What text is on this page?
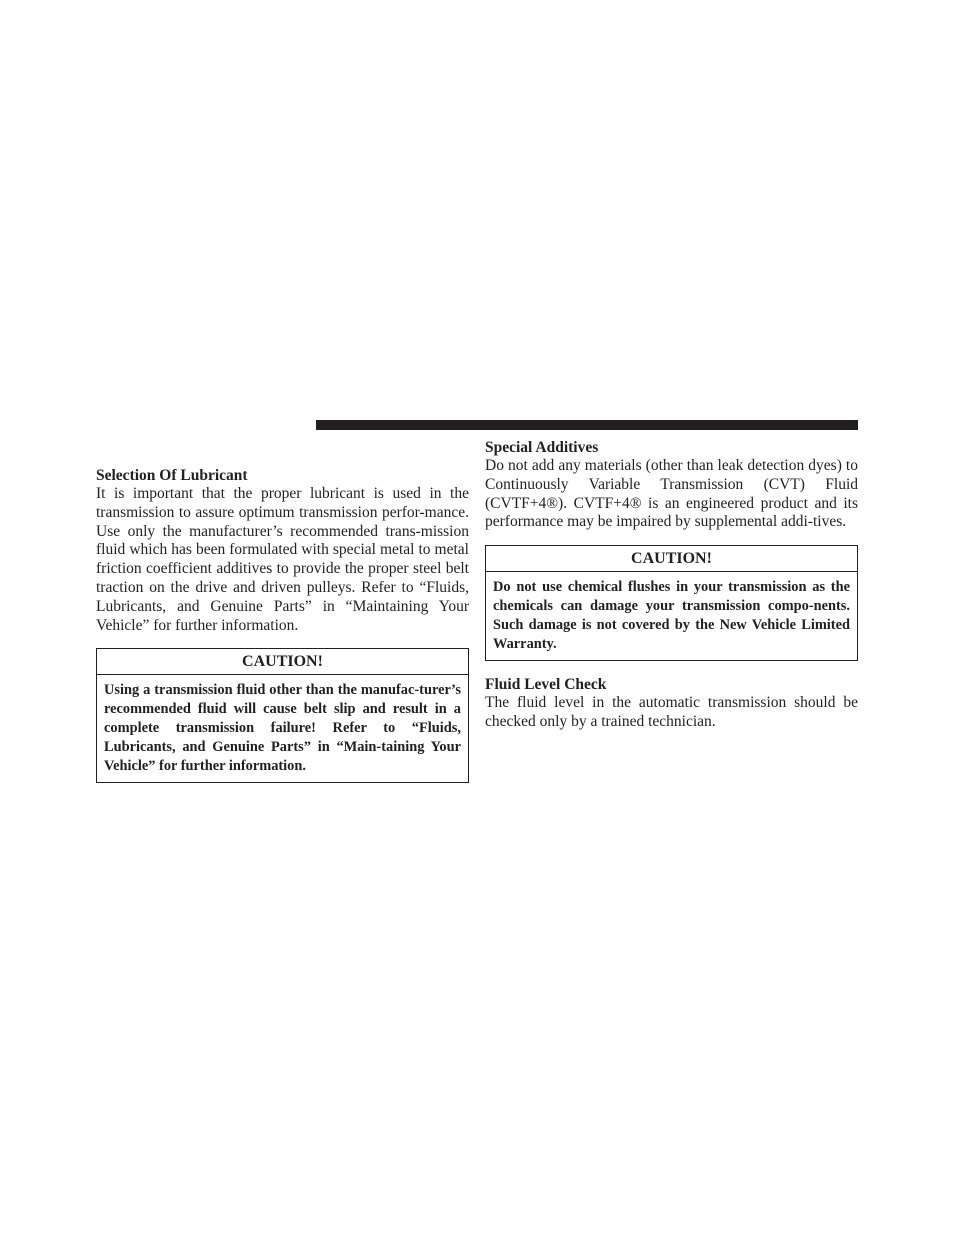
Selection Of Lubricant

It is important that the proper lubricant is used in the transmission to assure optimum transmission perfor-mance. Use only the manufacturer’s recommended trans-mission fluid which has been formulated with special metal to metal friction coefficient additives to provide the proper steel belt traction on the drive and driven pulleys. Refer to “Fluids, Lubricants, and Genuine Parts” in “Maintaining Your Vehicle” for further information.

CAUTION!
Using a transmission fluid other than the manufac-turer’s recommended fluid will cause belt slip and result in a complete transmission failure! Refer to “Fluids, Lubricants, and Genuine Parts” in “Main-taining Your Vehicle” for further information.

Special Additives

Do not add any materials (other than leak detection dyes) to Continuously Variable Transmission (CVT) Fluid (CVTF+4®). CVTF+4® is an engineered product and its performance may be impaired by supplemental addi-tives.

CAUTION!
Do not use chemical flushes in your transmission as the chemicals can damage your transmission compo-nents. Such damage is not covered by the New Vehicle Limited Warranty.

Fluid Level Check

The fluid level in the automatic transmission should be checked only by a trained technician.
